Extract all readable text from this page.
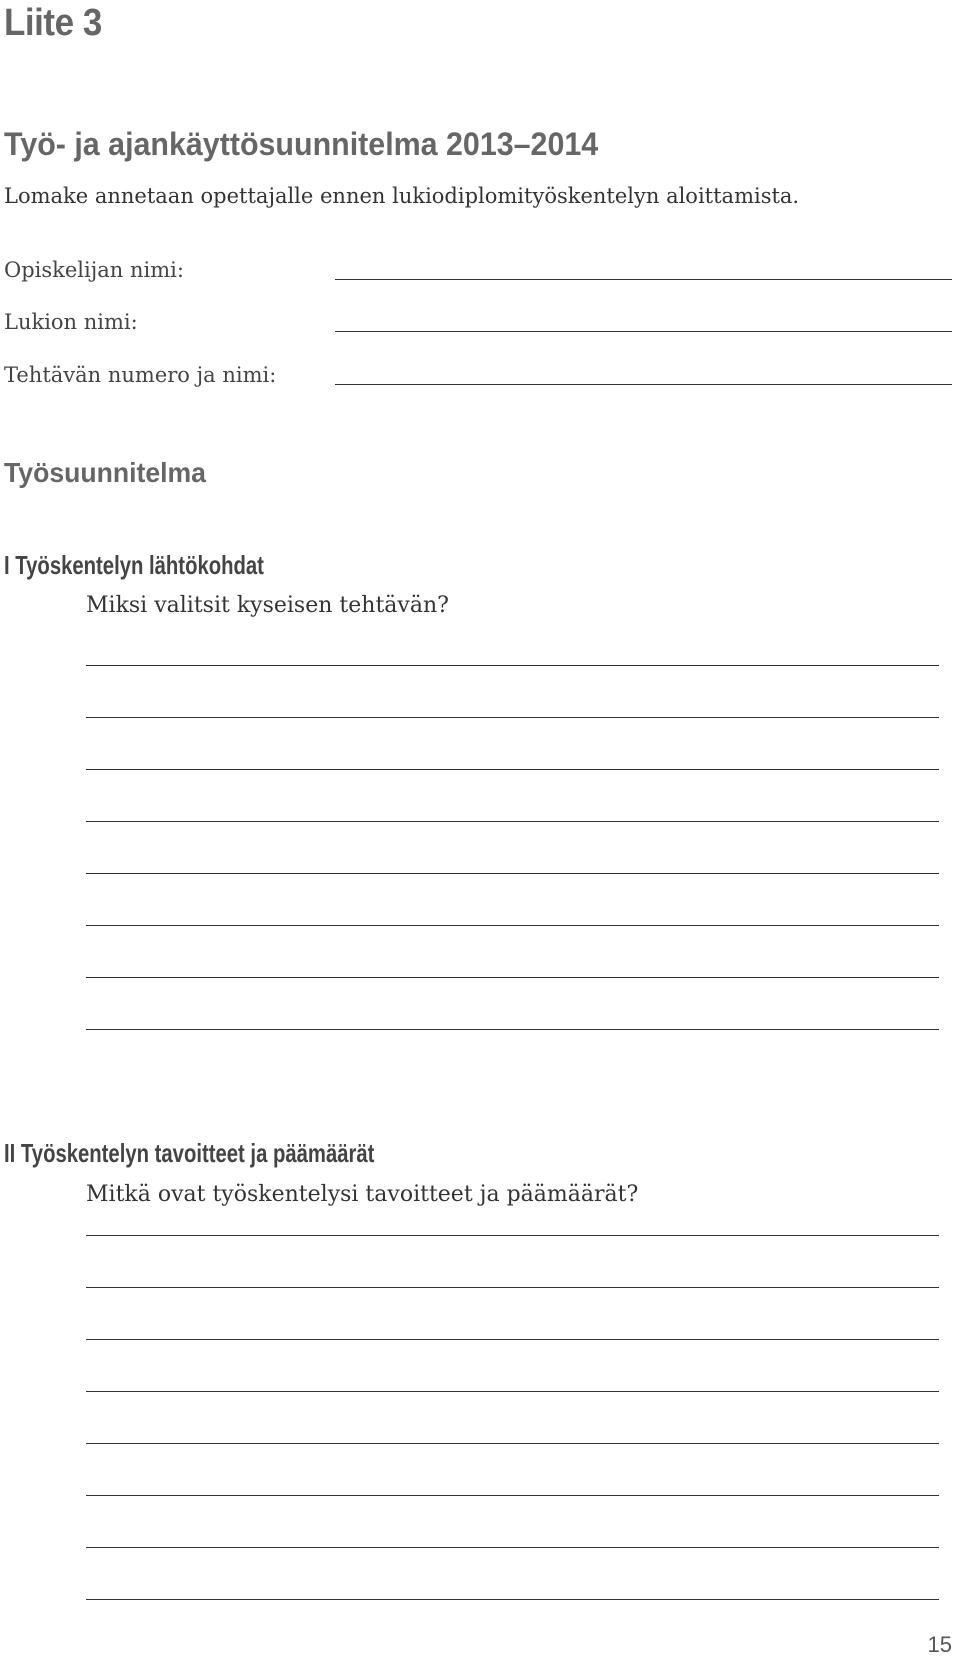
Liite 3
Työ- ja ajankäyttösuunnitelma 2013–2014
Lomake annetaan opettajalle ennen lukiodiplomityöskentelyn aloittamista.
Opiskelijan nimi:
Lukion nimi:
Tehtävän numero ja nimi:
Työsuunnitelma
I Työskentelyn lähtökohdat
Miksi valitsit kyseisen tehtävän?
II Työskentelyn tavoitteet ja päämäärät
Mitkä ovat työskentelysi tavoitteet ja päämäärät?
15
